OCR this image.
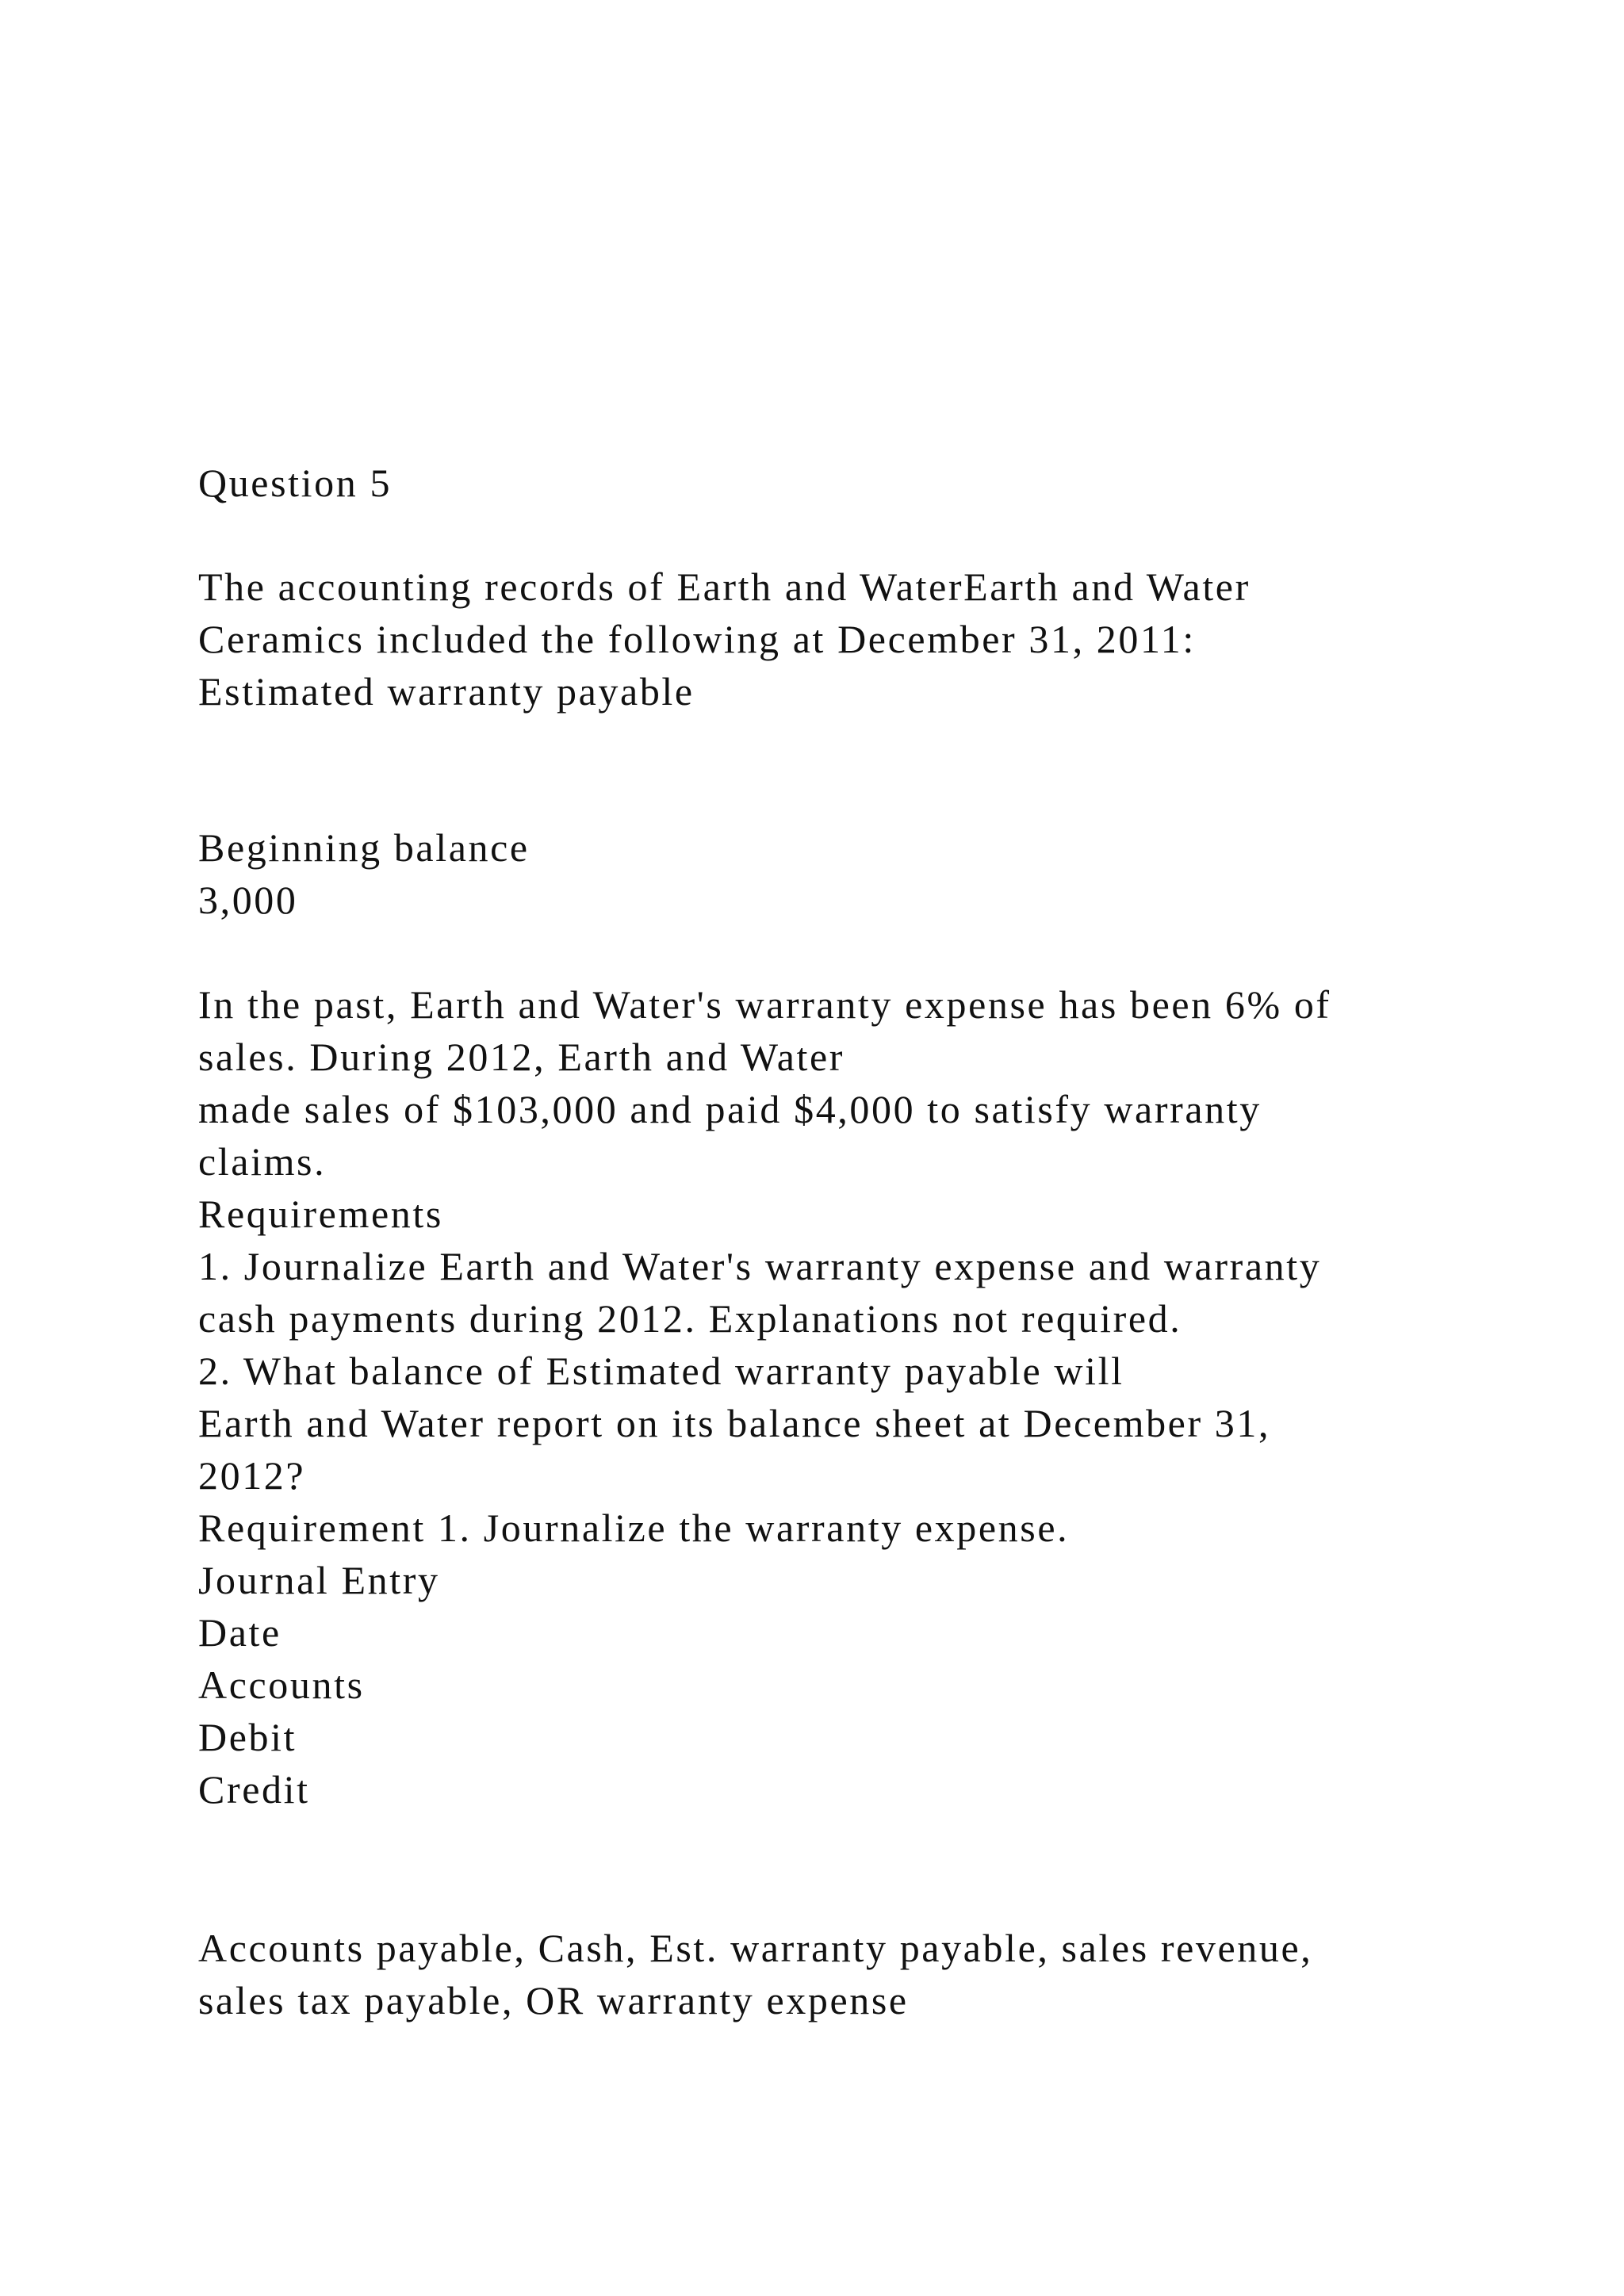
Question 5

The accounting records of Earth and WaterEarth and Water

Ceramics included the following at December 31, 2011:

Estimated warranty payable

Beginning balance

3,000

In the past, Earth and Water's warranty expense has been 6% of

sales. During 2012, Earth and Water

made sales of $103,000 and paid $4,000 to satisfy warranty

claims.

Requirements

1. Journalize Earth and Water's warranty expense and warranty

cash payments during 2012. Explanations not required.

2. What balance of Estimated warranty payable will

Earth and Water report on its balance sheet at December 31,

2012?

Requirement 1. Journalize the warranty expense.

Journal Entry

Date

Accounts

Debit

Credit

Accounts payable, Cash, Est. warranty payable, sales revenue,

sales tax payable, OR warranty expense
